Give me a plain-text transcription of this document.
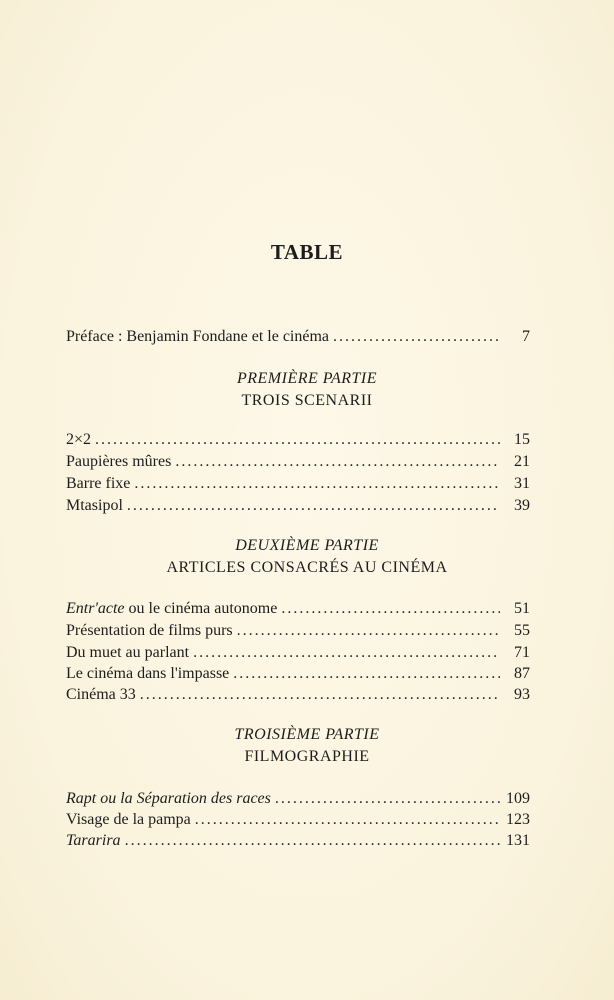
TABLE
Préface : Benjamin Fondane et le cinéma .....	7
PREMIÈRE PARTIE
TROIS SCENARII
2×2 .....	15
Paupières mûres .....	21
Barre fixe .....	31
Mtasipol .....	39
DEUXIÈME PARTIE
ARTICLES CONSACRÉS AU CINÉMA
Entr'acte ou le cinéma autonome .....	51
Présentation de films purs .....	55
Du muet au parlant .....	71
Le cinéma dans l'impasse .....	87
Cinéma 33 .....	93
TROISIÈME PARTIE
FILMOGRAPHIE
Rapt ou la Séparation des races .....	109
Visage de la pampa .....	123
Tararira .....	131
